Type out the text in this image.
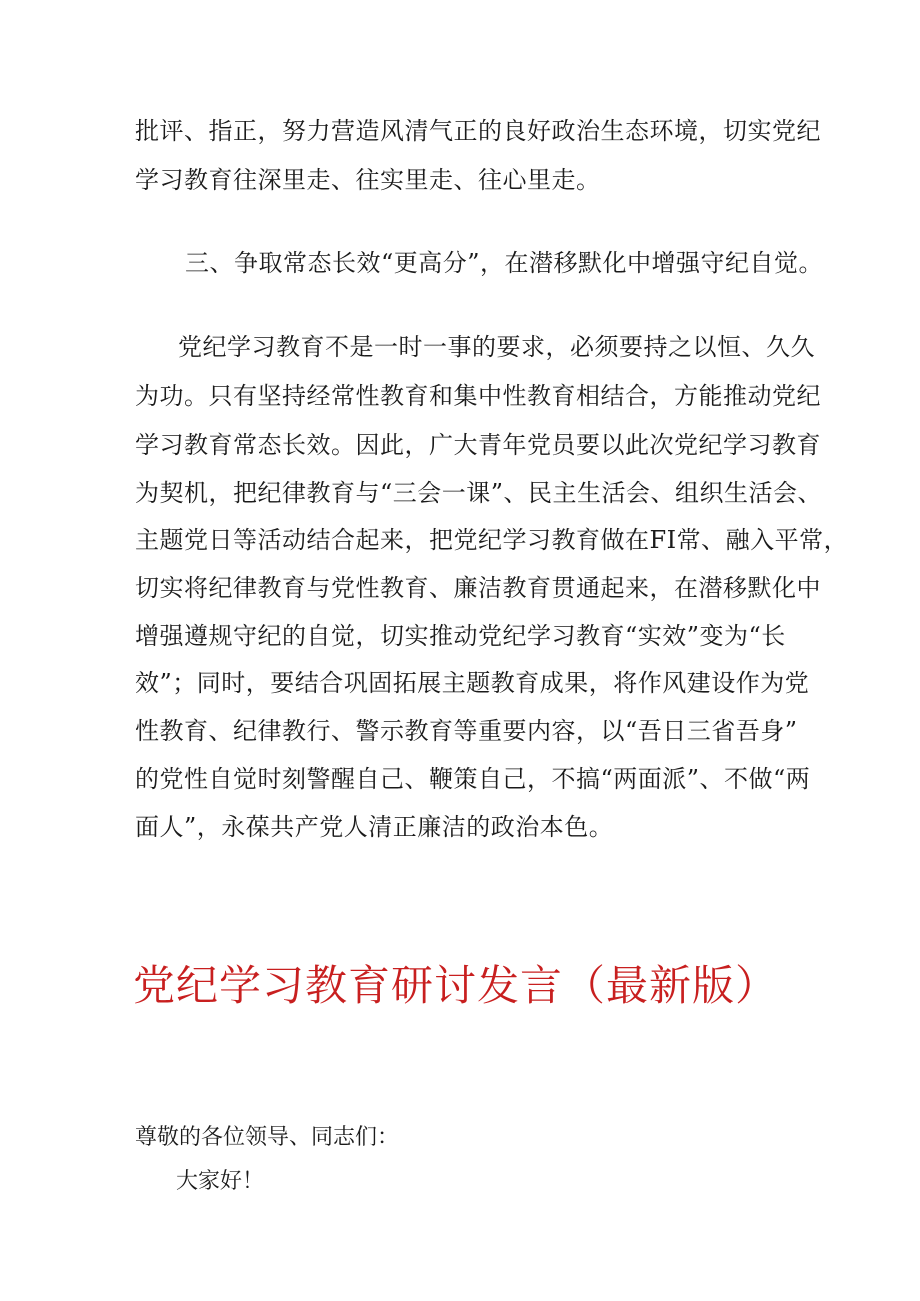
批评、指正，努力营造风清气正的良好政治生态环境，切实党纪
学习教育往深里走、往实里走、往心里走。
三、争取常态长效“更高分”，在潜移默化中增强守纪自觉。
党纪学习教育不是一时一事的要求，必须要持之以恒、久久
为功。只有坚持经常性教育和集中性教育相结合，方能推动党纪
学习教育常态长效。因此，广大青年党员要以此次党纪学习教育
为契机，把纪律教育与“三会一课”、民主生活会、组织生活会、
主题党日等活动结合起来，把党纪学习教育做在FI常、融入平常，
切实将纪律教育与党性教育、廉洁教育贯通起来，在潜移默化中
增强遵规守纪的自觉，切实推动党纪学习教育“实效”变为“长
效”；同时，要结合巩固拓展主题教育成果，将作风建设作为党
性教育、纪律教行、警示教育等重要内容，以“吾日三省吾身”
的党性自觉时刻警醒自己、鞭策自己，不搞“两面派”、不做“两
面人”，永葆共产党人清正廉洁的政治本色。
党纪学习教育研讨发言（最新版）
尊敬的各位领导、同志们：
大家好！
